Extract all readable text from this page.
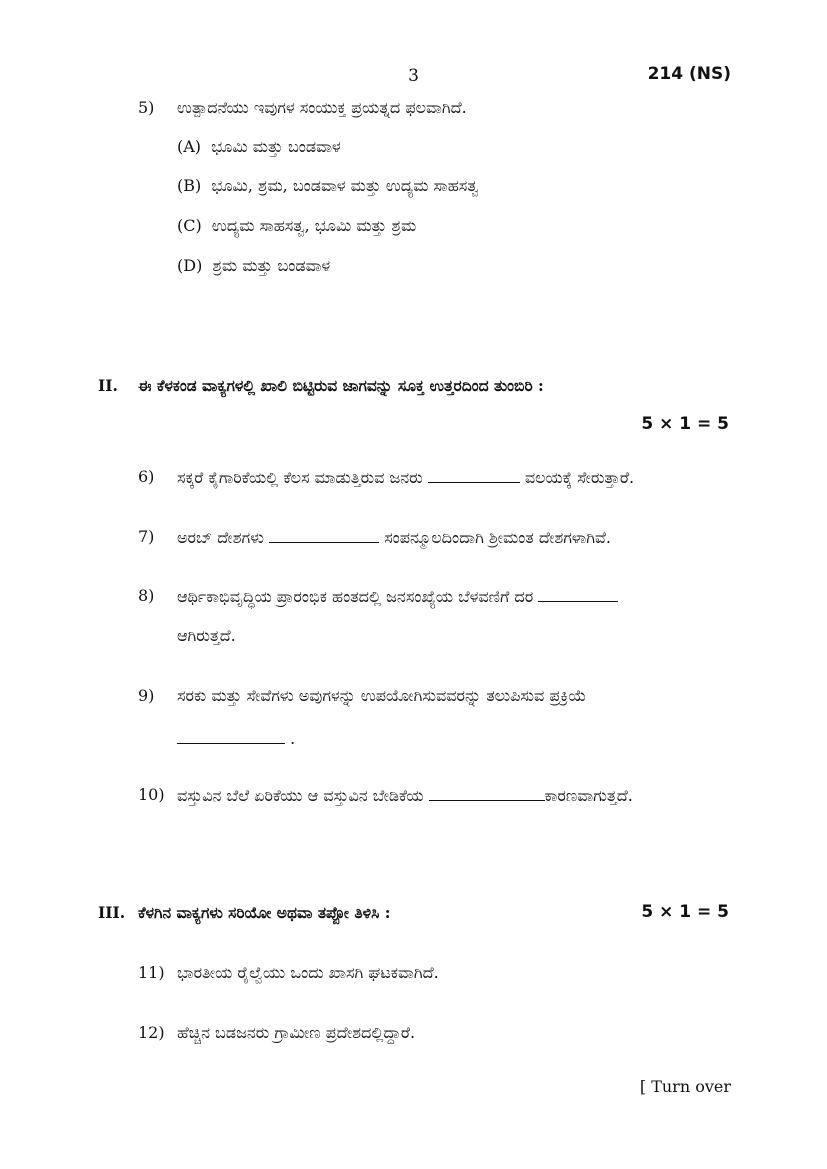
3	214 (NS)
5) ಉತ್ಪಾದನೆಯು ಇವುಗಳ ಸಂಯುಕ್ತ ಪ್ರಯತ್ನದ ಫಲವಾಗಿದೆ.
(A) ಭೂಮಿ ಮತ್ತು ಬಂಡವಾಳ
(B) ಭೂಮಿ, ಶ್ರಮ, ಬಂಡವಾಳ ಮತ್ತು ಉದ್ಯಮ ಸಾಹಸತ್ವ
(C) ಉದ್ಯಮ ಸಾಹಸತ್ವ, ಭೂಮಿ ಮತ್ತು ಶ್ರಮ
(D) ಶ್ರಮ ಮತ್ತು ಬಂಡವಾಳ
II. ಈ ಕೆಳಕಂಡ ವಾಕ್ಯಗಳಲ್ಲಿ ಖಾಲಿ ಬಿಟ್ಟಿರುವ ಜಾಗವನ್ನು ಸೂಕ್ತ ಉತ್ತರದಿಂದ ತುಂಬಿರಿ :
5 × 1 = 5
6) ಸಕ್ಕರೆ ಕೈಗಾರಿಕೆಯಲ್ಲಿ ಕೆಲಸ ಮಾಡುತ್ತಿರುವ ಜನರು	ವಲಯಕ್ಕೆ ಸೇರುತ್ತಾರೆ.
7) ಅರಬ್ ದೇಶಗಳು	ಸಂಪನ್ಮೂಲದಿಂದಾಗಿ ಶ್ರೀಮಂತ ದೇಶಗಳಾಗಿವೆ.
8) ಆರ್ಥಿಕಾಭಿವೃದ್ಧಿಯ ಪ್ರಾರಂಭಿಕ ಹಂತದಲ್ಲಿ ಜನಸಂಖ್ಯೆಯ ಬೆಳವಣಿಗೆ ದರ
ಆಗಿರುತ್ತದೆ.
9) ಸರಕು ಮತ್ತು ಸೇವೆಗಳು ಅವುಗಳನ್ನು ಉಪಯೋಗಿಸುವವರನ್ನು ತಲುಪಿಸುವ ಪ್ರಕ್ರಿಯೆ
.
10) ವಸ್ತುವಿನ ಬೆಲೆ ಏರಿಕೆಯು ಆ ವಸ್ತುವಿನ ಬೇಡಿಕೆಯ	ಕಾರಣವಾಗುತ್ತದೆ.
III. ಕೆಳಗಿನ ವಾಕ್ಯಗಳು ಸರಿಯೋ ಅಥವಾ ತಪ್ಪೋ ತಿಳಿಸಿ :	5 × 1 = 5
11) ಭಾರತೀಯ ರೈಲ್ವೆಯು ಒಂದು ಖಾಸಗಿ ಘಟಕವಾಗಿದೆ.
12) ಹೆಚ್ಚಿನ ಬಡಜನರು ಗ್ರಾಮೀಣ ಪ್ರದೇಶದಲ್ಲಿದ್ದಾರೆ.
[ Turn over
